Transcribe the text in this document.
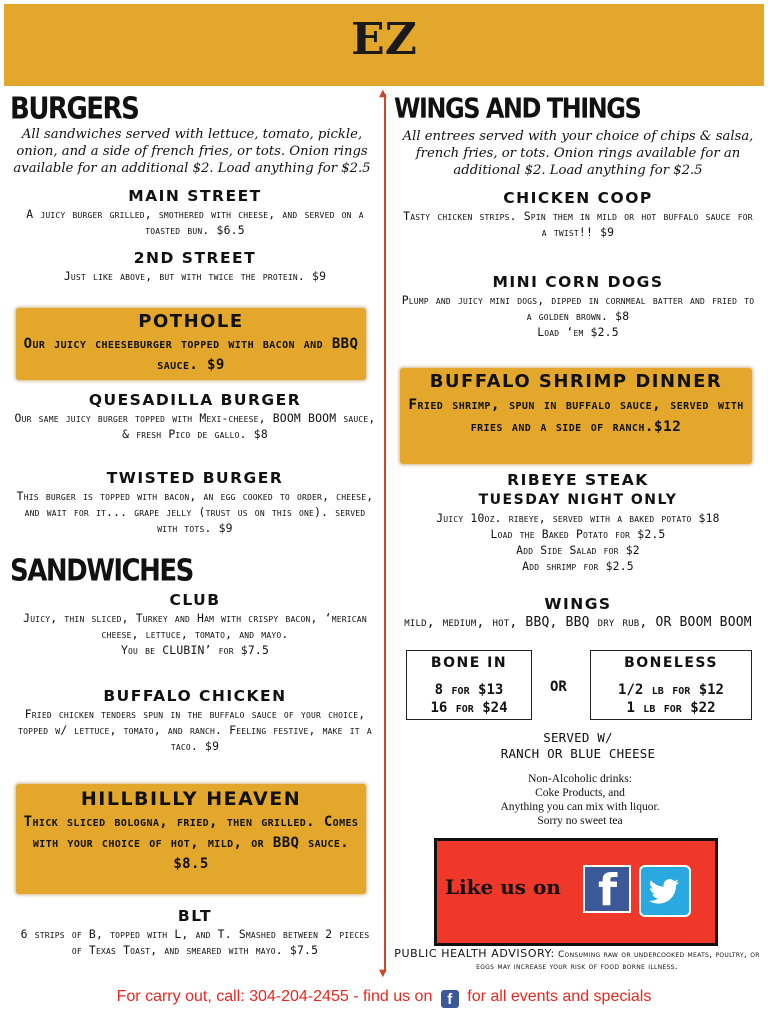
EZ
▲
▼
BURGERS
All sandwiches served with lettuce, tomato, pickle, onion, and a side of french fries, or tots. Onion rings available for an additional $2. Load anything for $2.5
MAIN STREET
A juicy burger grilled, smothered with cheese, and served on a toasted bun. $6.5
2ND STREET
Just like above, but with twice the protein. $9
POTHOLE
Our juicy cheeseburger topped with bacon and BBQ sauce. $9
QUESADILLA BURGER
Our same juicy burger topped with Mexi-cheese, BOOM BOOM sauce, & fresh Pico de gallo. $8
TWISTED BURGER
This burger is topped with bacon, an egg cooked to order, cheese, and wait for it... grape jelly (trust us on this one). served with tots. $9
SANDWICHES
CLUB
Juicy, thin sliced, Turkey and Ham with crispy bacon, ‘merican cheese, lettuce, tomato, and mayo.
You be CLUBIN’ for $7.5
BUFFALO CHICKEN
Fried chicken tenders spun in the buffalo sauce of your choice, topped w/ lettuce, tomato, and ranch. Feeling festive, make it a taco. $9
HILLBILLY HEAVEN
Thick sliced bologna, fried, then grilled. Comes with your choice of hot, mild, or BBQ sauce. $8.5
BLT
6 strips of B, topped with L, and T. Smashed between 2 pieces of Texas Toast, and smeared with mayo. $7.5
WINGS AND THINGS
All entrees served with your choice of chips & salsa, french fries, or tots. Onion rings available for an additional $2. Load anything for $2.5
CHICKEN COOP
Tasty chicken strips. Spin them in mild or hot buffalo sauce for a twist!! $9
MINI CORN DOGS
Plump and juicy mini dogs, dipped in cornmeal batter and fried to a golden brown. $8
Load ‘em $2.5
BUFFALO SHRIMP DINNER
Fried shrimp, spun in buffalo sauce, served with fries and a side of ranch.$12
RIBEYE STEAK
TUESDAY NIGHT ONLY
Juicy 10oz. ribeye, served with a baked potato $18
Load the Baked Potato for $2.5
Add Side Salad for $2
Add shrimp for $2.5
WINGS
mild, medium, hot, BBQ, BBQ dry rub, OR BOOM BOOM
BONE IN
8 for $13
16 for $24
OR
BONELESS
1/2 lb for $12
1 lb for $22
SERVED W/
RANCH OR BLUE CHEESE
Non-Alcoholic drinks:
Coke Products, and
Anything you can mix with liquor.
Sorry no sweet tea
Like us on f
PUBLIC HEALTH ADVISORY: Consuming raw or undercooked meats, poultry, or eggs may increase your risk of food borne illness.
For carry out, call: 304-204-2455 - find us on f for all events and specials
